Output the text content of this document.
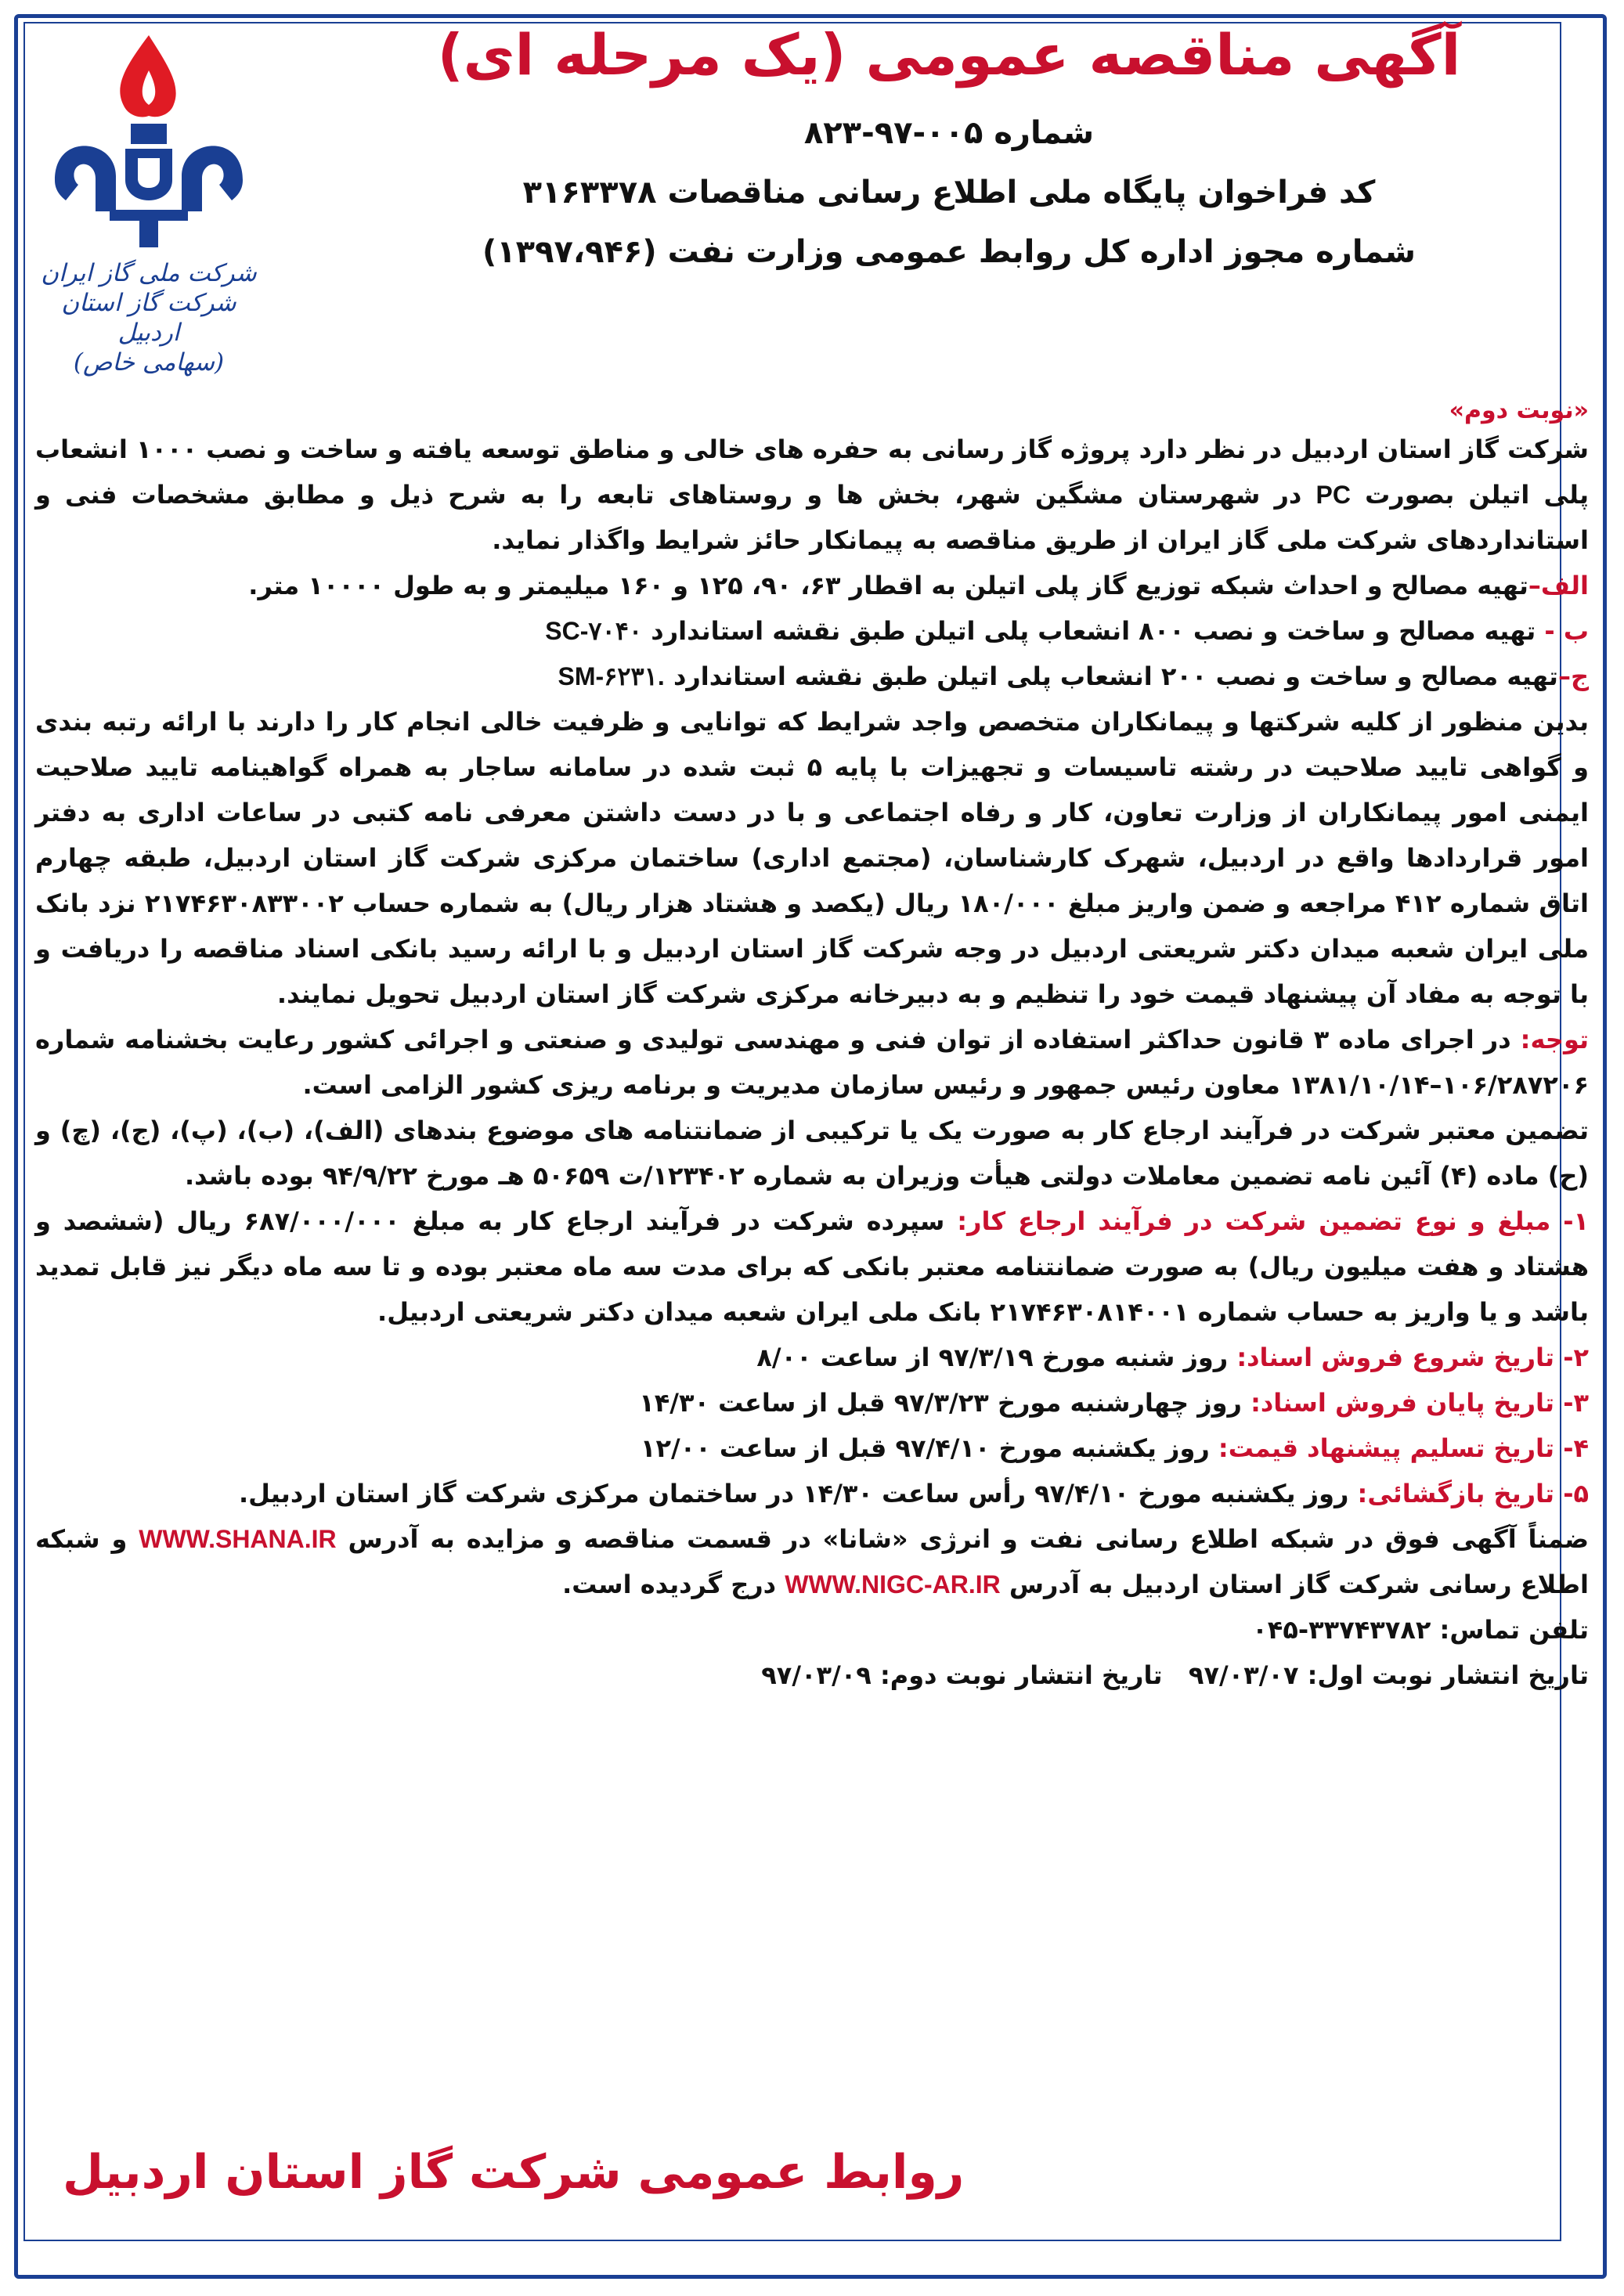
شرکت ملی گاز ایران
شرکت گاز استان اردبیل
(سهامی خاص)
آگهی مناقصه عمومی (یک مرحله ای)

شماره ۰۰۵-۹۷-۸۲۳

کد فراخوان پایگاه ملی اطلاع رسانی مناقصات ۳۱۶۳۳۷۸

شماره مجوز اداره کل روابط عمومی وزارت نفت (۱۳۹۷،۹۴۶)

«نوبت دوم»

شرکت گاز استان اردبیل در نظر دارد پروژه گاز رسانی به حفره های خالی و مناطق توسعه یافته و ساخت و نصب ۱۰۰۰ انشعاب پلی اتیلن بصورت PC در شهرستان مشگین شهر، بخش ها و روستاهای تابعه را به شرح ذیل و مطابق مشخصات فنی و استانداردهای شرکت ملی گاز ایران از طریق مناقصه به پیمانکار حائز شرایط واگذار نماید.

الف–تهیه مصالح و احداث شبکه توزیع گاز پلی اتیلن به اقطار ۶۳، ۹۰، ۱۲۵ و ۱۶۰ میلیمتر و به طول ۱۰۰۰۰ متر.

ب - تهیه مصالح و ساخت و نصب ۸۰۰ انشعاب پلی اتیلن طبق نقشه استاندارد SC-۷۰۴۰

ج–تهیه مصالح و ساخت و نصب ۲۰۰ انشعاب پلی اتیلن طبق نقشه استاندارد SM-۶۲۳۱.

بدین منظور از کلیه شرکتها و پیمانکاران متخصص واجد شرایط که توانایی و ظرفیت خالی انجام کار را دارند با ارائه رتبه بندی و گواهی تایید صلاحیت در رشته تاسیسات و تجهیزات با پایه ۵ ثبت شده در سامانه ساجار به همراه گواهینامه تایید صلاحیت ایمنی امور پیمانکاران از وزارت تعاون، کار و رفاه اجتماعی و با در دست داشتن معرفی نامه کتبی در ساعات اداری به دفتر امور قراردادها واقع در اردبیل، شهرک کارشناسان، (مجتمع اداری) ساختمان مرکزی شرکت گاز استان اردبیل، طبقه چهارم اتاق شماره ۴۱۲ مراجعه و ضمن واریز مبلغ ۱۸۰/۰۰۰ ریال (یکصد و هشتاد هزار ریال) به شماره حساب ۲۱۷۴۶۳۰۸۳۳۰۰۲ نزد بانک ملی ایران شعبه میدان دکتر شریعتی اردبیل در وجه شرکت گاز استان اردبیل و با ارائه رسید بانکی اسناد مناقصه را دریافت و با توجه به مفاد آن پیشنهاد قیمت خود را تنظیم و به دبیرخانه مرکزی شرکت گاز استان اردبیل تحویل نمایند.

توجه: در اجرای ماده ۳ قانون حداکثر استفاده از توان فنی و مهندسی تولیدی و صنعتی و اجرائی کشور رعایت بخشنامه شماره ۱۰۶/۲۸۷۲۰۶–۱۳۸۱/۱۰/۱۴ معاون رئیس جمهور و رئیس سازمان مدیریت و برنامه ریزی کشور الزامی است.

تضمین معتبر شرکت در فرآیند ارجاع کار به صورت یک یا ترکیبی از ضمانتنامه های موضوع بندهای (الف)، (ب)، (پ)، (ج)، (چ) و (ح) ماده (۴) آئین نامه تضمین معاملات دولتی هیأت وزیران به شماره ۱۲۳۴۰۲/ت ۵۰۶۵۹ هـ مورخ ۹۴/۹/۲۲ بوده باشد.

۱- مبلغ و نوع تضمین شرکت در فرآیند ارجاع کار: سپرده شرکت در فرآیند ارجاع کار به مبلغ ۶۸۷/۰۰۰/۰۰۰ ریال (ششصد و هشتاد و هفت میلیون ریال) به صورت ضمانتنامه معتبر بانکی که برای مدت سه ماه معتبر بوده و تا سه ماه دیگر نیز قابل تمدید باشد و یا واریز به حساب شماره ۲۱۷۴۶۳۰۸۱۴۰۰۱ بانک ملی ایران شعبه میدان دکتر شریعتی اردبیل.

۲- تاریخ شروع فروش اسناد: روز شنبه مورخ ۹۷/۳/۱۹ از ساعت ۸/۰۰

۳- تاریخ پایان فروش اسناد: روز چهارشنبه مورخ ۹۷/۳/۲۳ قبل از ساعت ۱۴/۳۰

۴- تاریخ تسلیم پیشنهاد قیمت: روز یکشنبه مورخ ۹۷/۴/۱۰ قبل از ساعت ۱۲/۰۰

۵- تاریخ بازگشائی: روز یکشنبه مورخ ۹۷/۴/۱۰ رأس ساعت ۱۴/۳۰ در ساختمان مرکزی شرکت گاز استان اردبیل.

ضمناً آگهی فوق در شبکه اطلاع رسانی نفت و انرژی «شانا» در قسمت مناقصه و مزایده به آدرس WWW.SHANA.IR و شبکه اطلاع رسانی شرکت گاز استان اردبیل به آدرس WWW.NIGC-AR.IR درج گردیده است.

تلفن تماس: ۳۳۷۴۳۷۸۲-۰۴۵

تاریخ انتشار نوبت اول: ۹۷/۰۳/۰۷   تاریخ انتشار نوبت دوم: ۹۷/۰۳/۰۹

روابط عمومی شرکت گاز استان اردبیل
